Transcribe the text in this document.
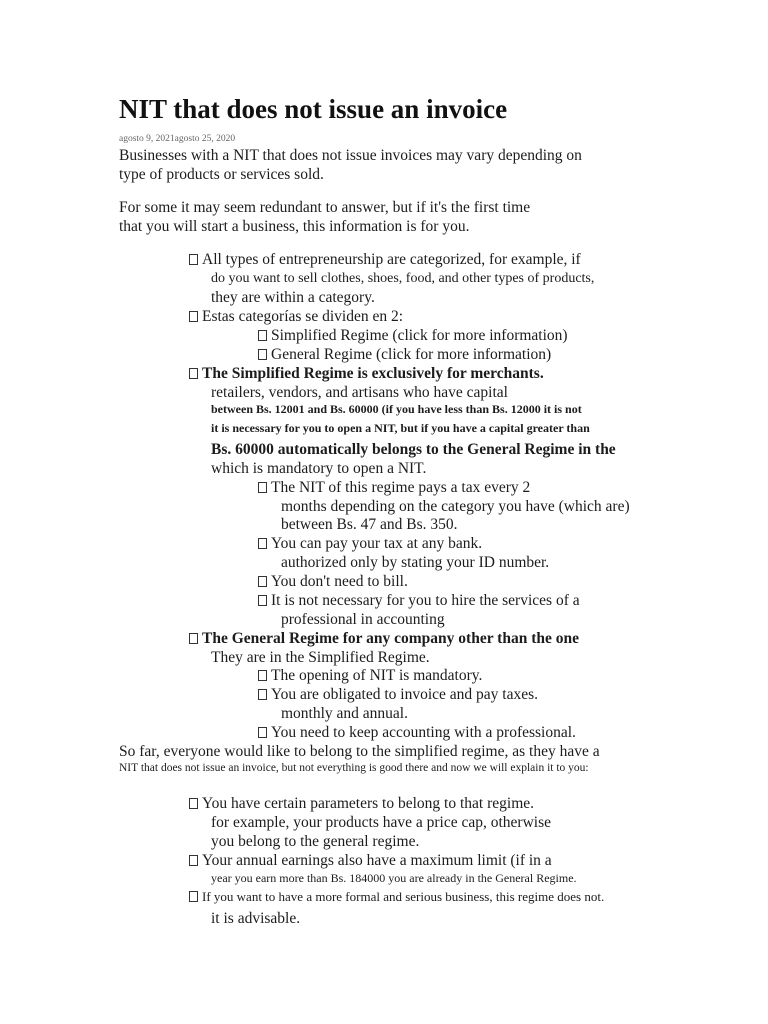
NIT that does not issue an invoice
agosto 9, 2021agosto 25, 2020
Businesses with a NIT that does not issue invoices may vary depending on
type of products or services sold.
For some it may seem redundant to answer, but if it's the first time
that you will start a business, this information is for you.
All types of entrepreneurship are categorized, for example, if
do you want to sell clothes, shoes, food, and other types of products,
they are within a category.
Estas categorías se dividen en 2:
Simplified Regime (click for more information)
General Regime (click for more information)
The Simplified Regime is exclusively for merchants.
retailers, vendors, and artisans who have capital
between Bs. 12001 and Bs. 60000 (if you have less than Bs. 12000 it is not
it is necessary for you to open a NIT, but if you have a capital greater than
Bs. 60000 automatically belongs to the General Regime in the
which is mandatory to open a NIT.
The NIT of this regime pays a tax every 2
months depending on the category you have (which are)
between Bs. 47 and Bs. 350.
You can pay your tax at any bank.
authorized only by stating your ID number.
You don't need to bill.
It is not necessary for you to hire the services of a
professional in accounting
The General Regime for any company other than the one
They are in the Simplified Regime.
The opening of NIT is mandatory.
You are obligated to invoice and pay taxes.
monthly and annual.
You need to keep accounting with a professional.
So far, everyone would like to belong to the simplified regime, as they have a
NIT that does not issue an invoice, but not everything is good there and now we will explain it to you:
You have certain parameters to belong to that regime.
for example, your products have a price cap, otherwise
you belong to the general regime.
Your annual earnings also have a maximum limit (if in a
year you earn more than Bs. 184000 you are already in the General Regime.
If you want to have a more formal and serious business, this regime does not.
it is advisable.
